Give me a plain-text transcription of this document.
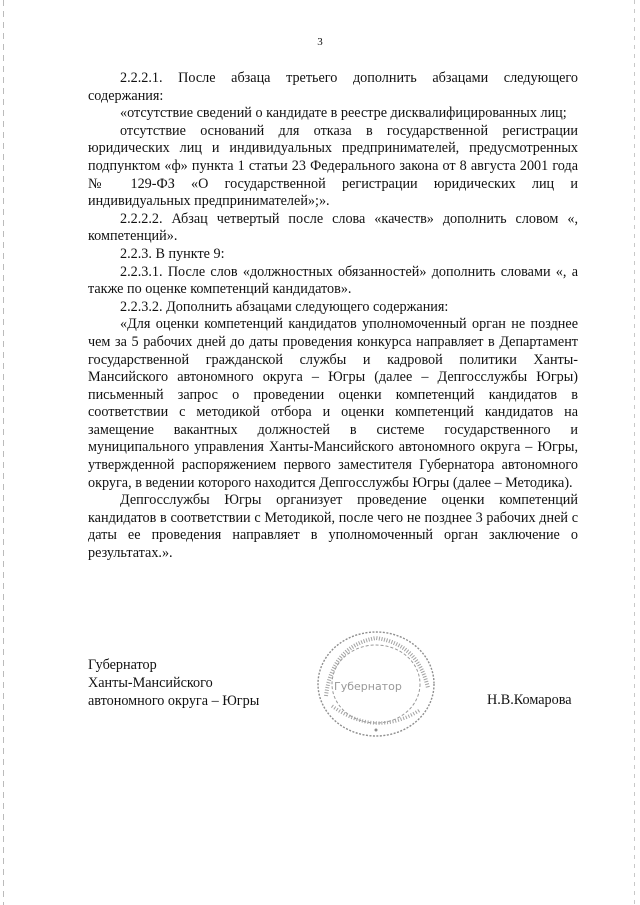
3

2.2.2.1. После абзаца третьего дополнить абзацами следующего содержания:

«отсутствие сведений о кандидате в реестре дисквалифицированных лиц;

отсутствие оснований для отказа в государственной регистрации юридических лиц и индивидуальных предпринимателей, предусмотренных подпунктом «ф» пункта 1 статьи 23 Федерального закона от 8 августа 2001 года № 129-ФЗ «О государственной регистрации юридических лиц и индивидуальных предпринимателей»;».

2.2.2.2. Абзац четвертый после слова «качеств» дополнить словом «, компетенций».

2.2.3. В пункте 9:

2.2.3.1. После слов «должностных обязанностей» дополнить словами «, а также по оценке компетенций кандидатов».

2.2.3.2. Дополнить абзацами следующего содержания:

«Для оценки компетенций кандидатов уполномоченный орган не позднее чем за 5 рабочих дней до даты проведения конкурса направляет в Департамент государственной гражданской службы и кадровой политики Ханты-Мансийского автономного округа – Югры (далее – Депгосслужбы Югры) письменный запрос о проведении оценки компетенций кандидатов в соответствии с методикой отбора и оценки компетенций кандидатов на замещение вакантных должностей в системе государственного и муниципального управления Ханты-Мансийского автономного округа – Югры, утвержденной распоряжением первого заместителя Губернатора автономного округа, в ведении которого находится Депгосслужбы Югры (далее – Методика).

Депгосслужбы Югры организует проведение оценки компетенций кандидатов в соответствии с Методикой, после чего не позднее 3 рабочих дней с даты ее проведения направляет в уполномоченный орган заключение о результатах.».

Губернатор
Ханты-Мансийского
автономного округа – Югры
Губернатор
Н.В.Комарова
